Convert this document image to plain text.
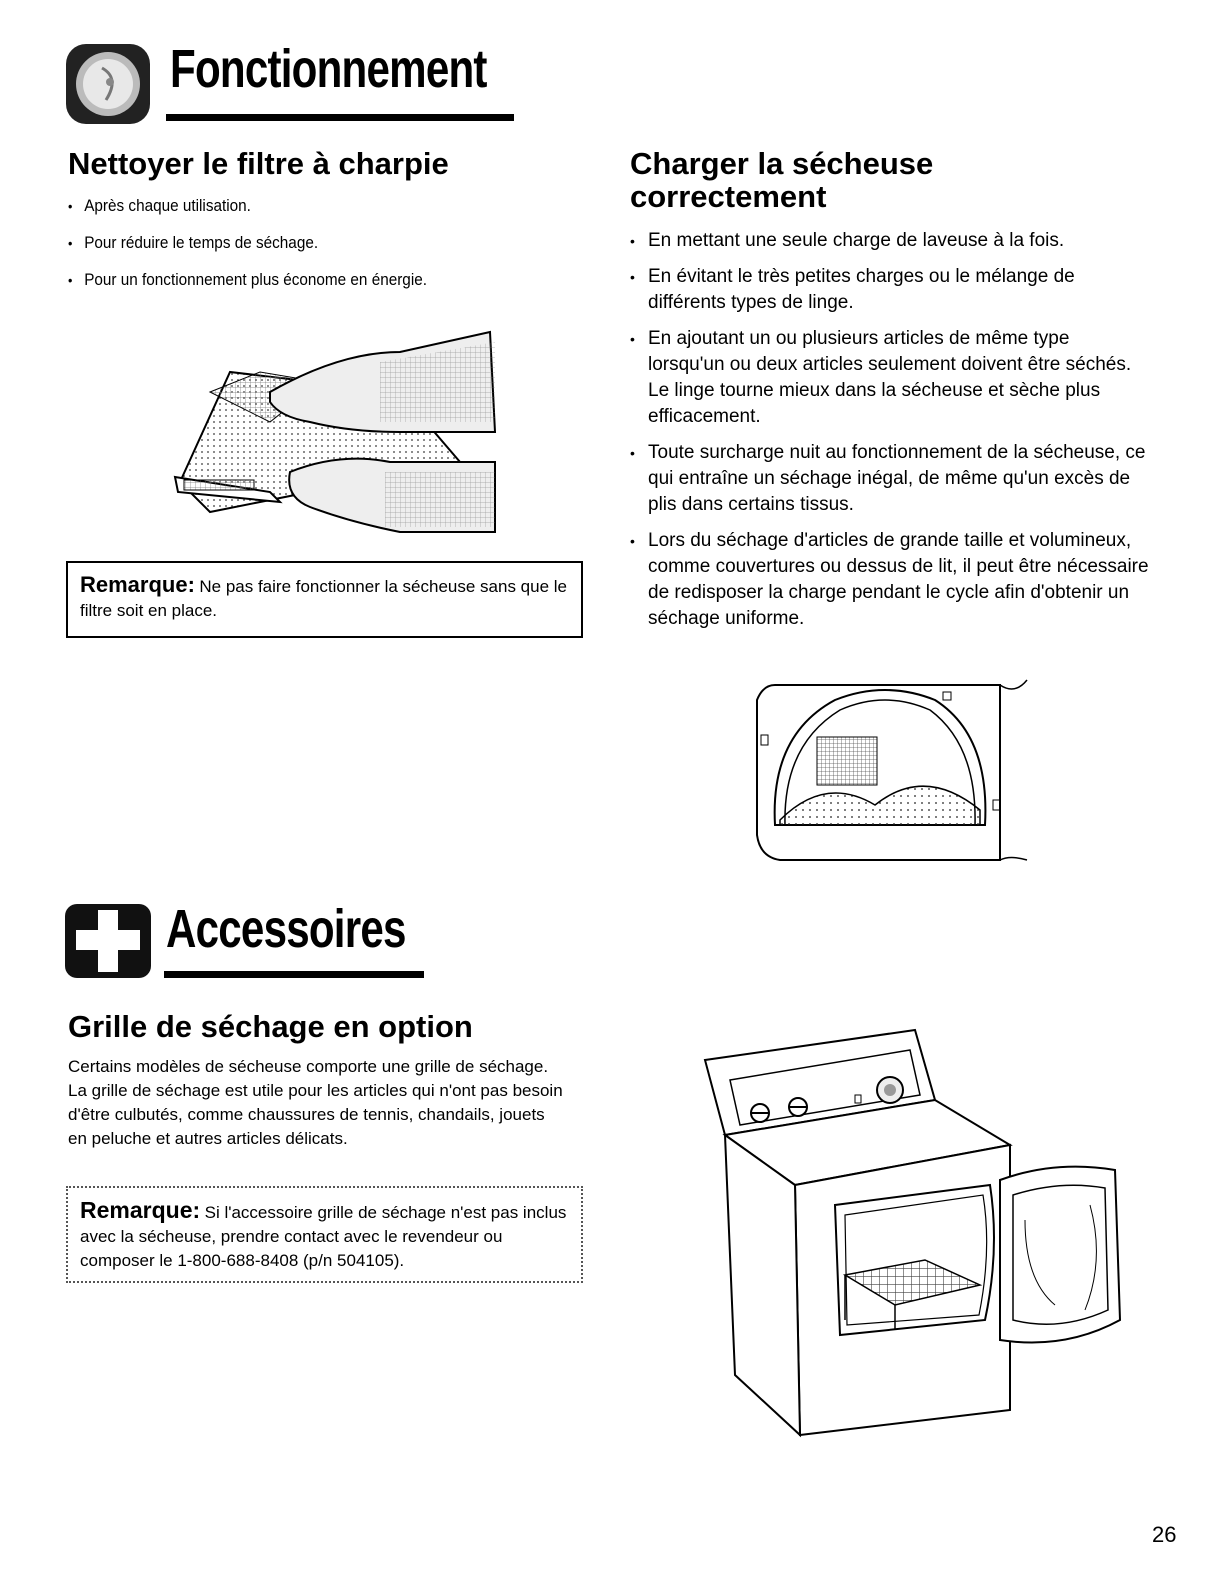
Fonctionnement
Nettoyer le filtre à charpie
• Après chaque utilisation.
• Pour réduire le temps de séchage.
• Pour un fonctionnement plus économe en énergie.
Remarque: Ne pas faire fonctionner la sécheuse sans que le filtre soit en place.
Charger la sécheuse
correctement
• En mettant une seule charge de laveuse à la fois.
• En évitant le très petites charges ou le mélange de différents types de linge.
• En ajoutant un ou plusieurs articles de même type lorsqu'un ou deux articles seulement doivent être séchés. Le linge tourne mieux dans la sécheuse et sèche plus efficacement.
• Toute surcharge nuit au fonctionnement de la sécheuse, ce qui entraîne un séchage inégal, de même qu'un excès de plis dans certains tissus.
• Lors du séchage d'articles de grande taille et volumineux, comme couvertures ou dessus de lit, il peut être nécessaire de redisposer la charge pendant le cycle afin d'obtenir un séchage uniforme.
Accessoires
Grille de séchage en option
Certains modèles de sécheuse comporte une grille de séchage. La grille de séchage est utile pour les articles qui n'ont pas besoin d'être culbutés, comme chaussures de tennis, chandails, jouets en peluche et autres articles délicats.
Remarque: Si l'accessoire grille de séchage n'est pas inclus avec la sécheuse, prendre contact avec le revendeur ou composer le 1-800-688-8408 (p/n 504105).
26
